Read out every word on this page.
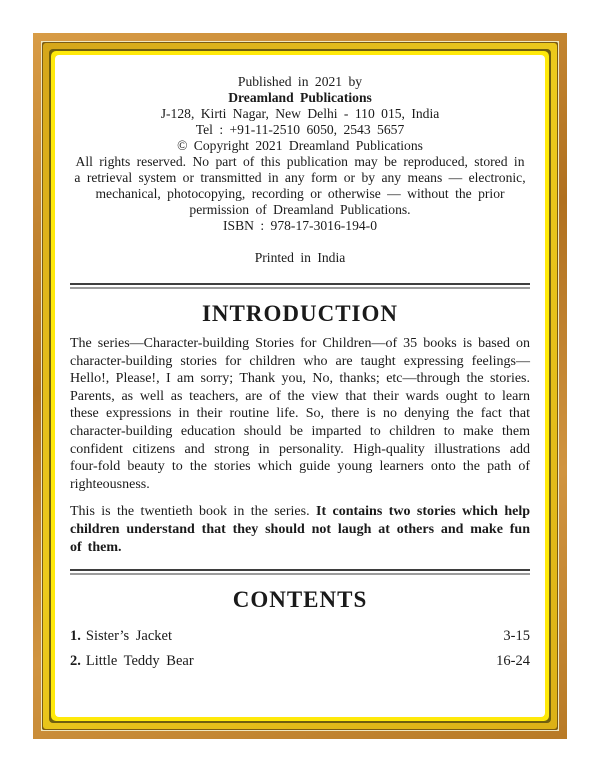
Published in 2021 by
Dreamland Publications
J-128, Kirti Nagar, New Delhi - 110 015, India
Tel : +91-11-2510 6050, 2543 5657
© Copyright 2021 Dreamland Publications
All rights reserved. No part of this publication may be reproduced, stored in a retrieval system or transmitted in any form or by any means — electronic, mechanical, photocopying, recording or otherwise — without the prior permission of Dreamland Publications.
ISBN : 978-17-3016-194-0
Printed in India
INTRODUCTION

The series—Character-building Stories for Children—of 35 books is based on character-building stories for children who are taught expressing feelings—Hello!, Please!, I am sorry; Thank you, No, thanks; etc—through the stories. Parents, as well as teachers, are of the view that their wards ought to learn these expressions in their routine life. So, there is no denying the fact that character-building education should be imparted to children to make them confident citizens and strong in personality. High-quality illustrations add four-fold beauty to the stories which guide young learners onto the path of righteousness.

This is the twentieth book in the series. It contains two stories which help children understand that they should not laugh at others and make fun of them.

CONTENTS
1. Sister’s Jacket	3-15
2. Little Teddy Bear	16-24
